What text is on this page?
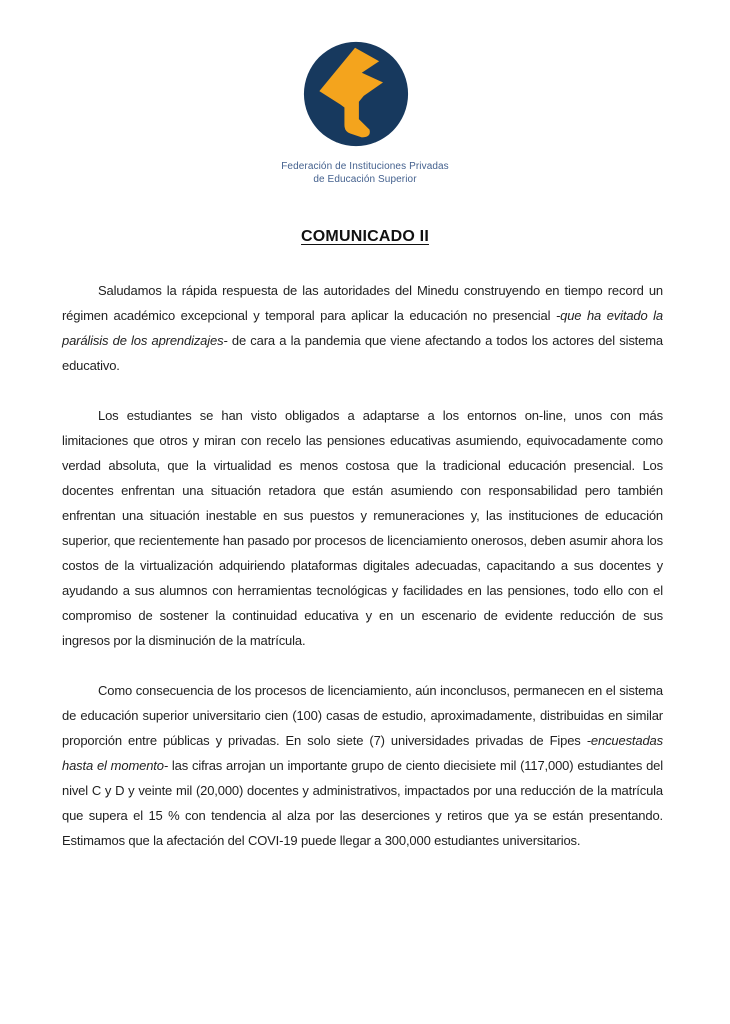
Federación de Instituciones Privadas
de Educación Superior
COMUNICADO II

Saludamos la rápida respuesta de las autoridades del Minedu construyendo en tiempo record un régimen académico excepcional y temporal para aplicar la educación no presencial -que ha evitado la parálisis de los aprendizajes- de cara a la pandemia que viene afectando a todos los actores del sistema educativo.

Los estudiantes se han visto obligados a adaptarse a los entornos on-line, unos con más limitaciones que otros y miran con recelo las pensiones educativas asumiendo, equivocadamente como verdad absoluta, que la virtualidad es menos costosa que la tradicional educación presencial. Los docentes enfrentan una situación retadora que están asumiendo con responsabilidad pero también enfrentan una situación inestable en sus puestos y remuneraciones y, las instituciones de educación superior, que recientemente han pasado por procesos de licenciamiento onerosos, deben asumir ahora los costos de la virtualización adquiriendo plataformas digitales adecuadas, capacitando a sus docentes y ayudando a sus alumnos con herramientas tecnológicas y facilidades en las pensiones, todo ello con el compromiso de sostener la continuidad educativa y en un escenario de evidente reducción de sus ingresos por la disminución de la matrícula.

Como consecuencia de los procesos de licenciamiento, aún inconclusos, permanecen en el sistema de educación superior universitario cien (100) casas de estudio, aproximadamente, distribuidas en similar proporción entre públicas y privadas. En solo siete (7) universidades privadas de Fipes -encuestadas hasta el momento- las cifras arrojan un importante grupo de ciento diecisiete mil (117,000) estudiantes del nivel C y D y veinte mil (20,000) docentes y administrativos, impactados por una reducción de la matrícula que supera el 15 % con tendencia al alza por las deserciones y retiros que ya se están presentando. Estimamos que la afectación del COVI-19 puede llegar a 300,000 estudiantes universitarios.
